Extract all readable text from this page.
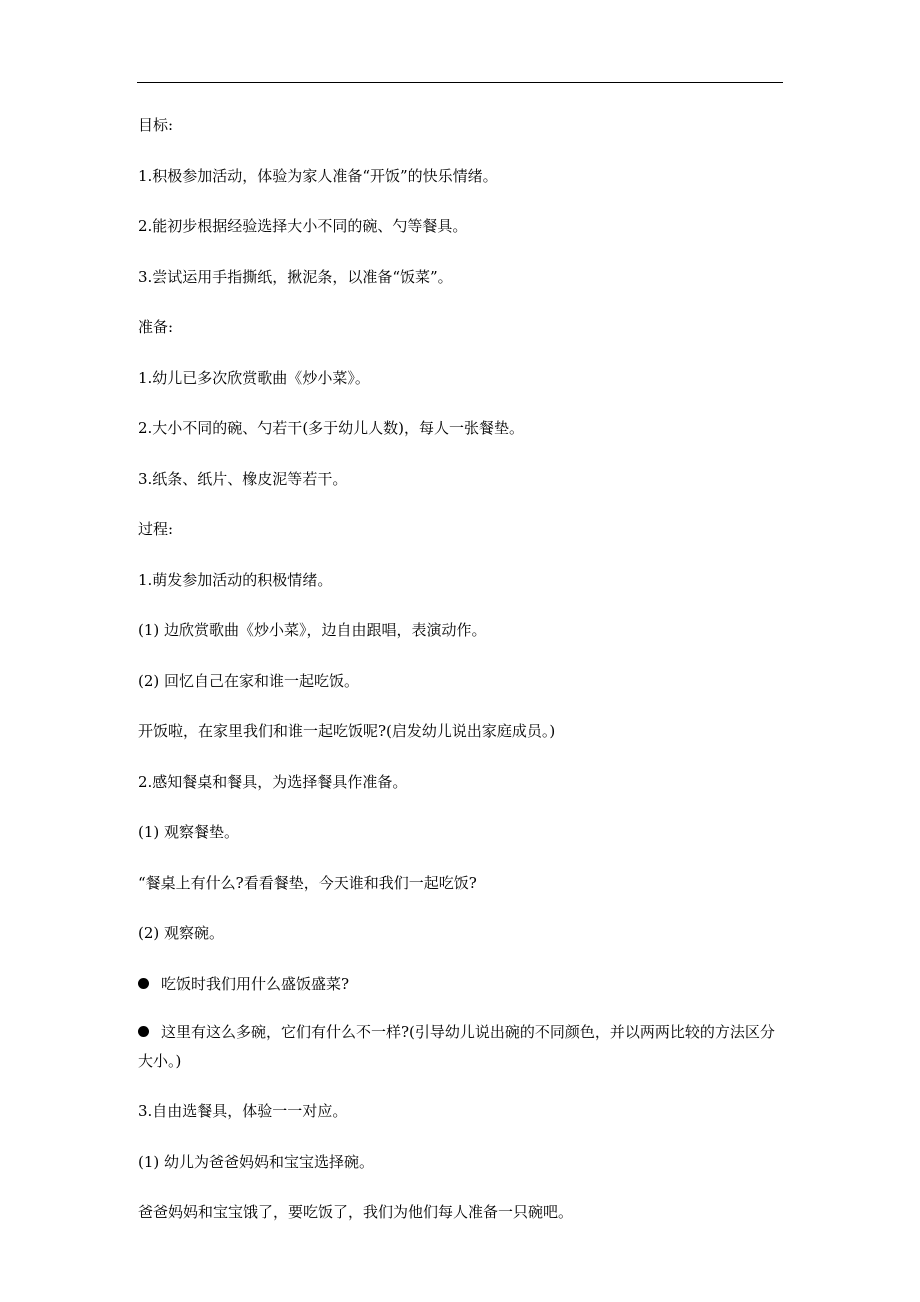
目标:
1.积极参加活动，体验为家人准备“开饭”的快乐情绪。
2.能初步根据经验选择大小不同的碗、勺等餐具。
3.尝试运用手指撕纸，揪泥条，以准备“饭菜”。
准备:
1.幼儿已多次欣赏歌曲《炒小菜》。
2.大小不同的碗、勺若干(多于幼儿人数)，每人一张餐垫。
3.纸条、纸片、橡皮泥等若干。
过程:
1.萌发参加活动的积极情绪。
(1) 边欣赏歌曲《炒小菜》，边自由跟唱，表演动作。
(2) 回忆自己在家和谁一起吃饭。
开饭啦，在家里我们和谁一起吃饭呢?(启发幼儿说出家庭成员。)
2.感知餐桌和餐具，为选择餐具作准备。
(1) 观察餐垫。
“餐桌上有什么?看看餐垫，今天谁和我们一起吃饭?
(2) 观察碗。
吃饭时我们用什么盛饭盛菜?
这里有这么多碗，它们有什么不一样?(引导幼儿说出碗的不同颜色，并以两两比较的方法区分大小。)
3.自由选餐具，体验一一对应。
(1) 幼儿为爸爸妈妈和宝宝选择碗。
爸爸妈妈和宝宝饿了，要吃饭了，我们为他们每人准备一只碗吧。
